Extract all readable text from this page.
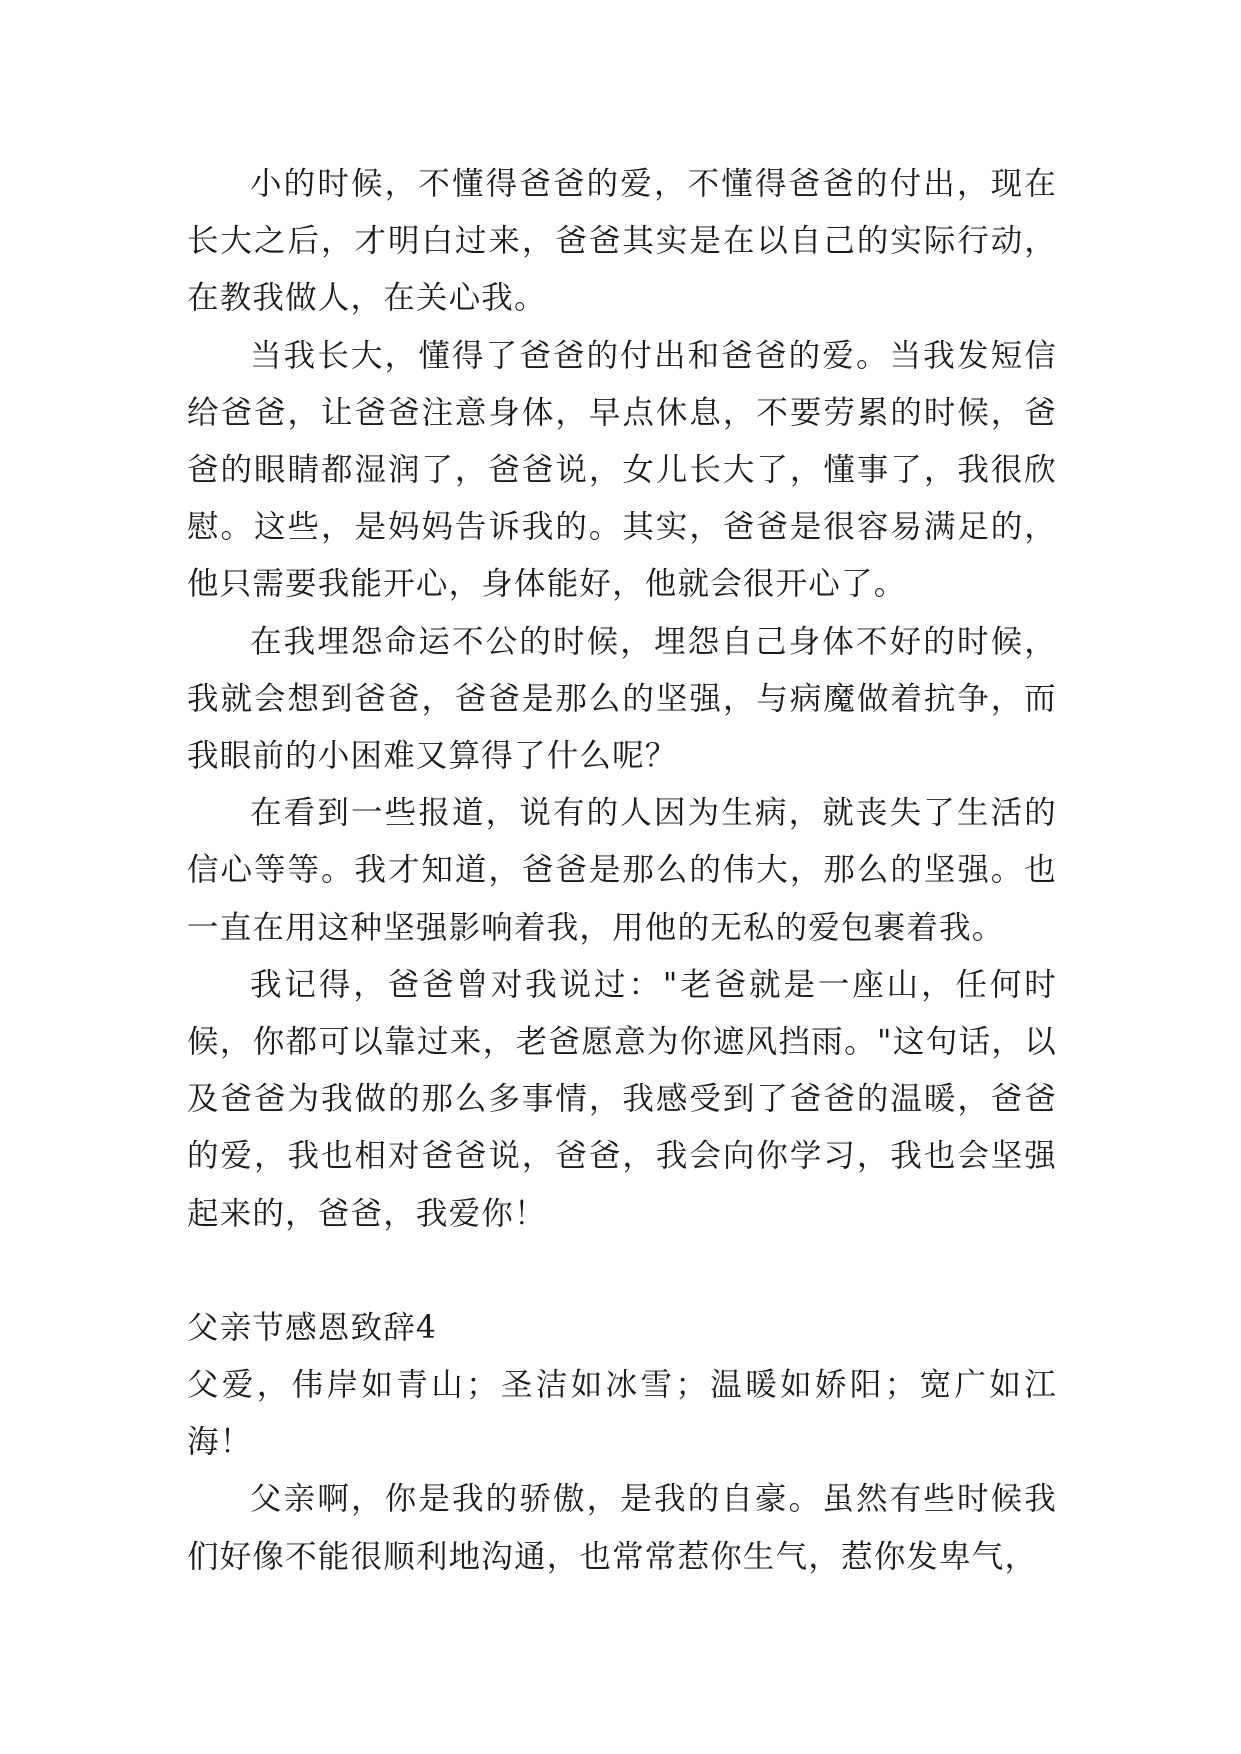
小的时候，不懂得爸爸的爱，不懂得爸爸的付出，现在长大之后，才明白过来，爸爸其实是在以自己的实际行动，在教我做人，在关心我。

当我长大，懂得了爸爸的付出和爸爸的爱。当我发短信给爸爸，让爸爸注意身体，早点休息，不要劳累的时候，爸爸的眼睛都湿润了，爸爸说，女儿长大了，懂事了，我很欣慰。这些，是妈妈告诉我的。其实，爸爸是很容易满足的，他只需要我能开心，身体能好，他就会很开心了。

在我埋怨命运不公的时候，埋怨自己身体不好的时候，我就会想到爸爸，爸爸是那么的坚强，与病魔做着抗争，而我眼前的小困难又算得了什么呢？

在看到一些报道，说有的人因为生病，就丧失了生活的信心等等。我才知道，爸爸是那么的伟大，那么的坚强。也一直在用这种坚强影响着我，用他的无私的爱包裹着我。

我记得，爸爸曾对我说过："老爸就是一座山，任何时候，你都可以靠过来，老爸愿意为你遮风挡雨。"这句话，以及爸爸为我做的那么多事情，我感受到了爸爸的温暖，爸爸的爱，我也相对爸爸说，爸爸，我会向你学习，我也会坚强起来的，爸爸，我爱你！

父亲节感恩致辞4

父爱，伟岸如青山；圣洁如冰雪；温暖如娇阳；宽广如江海！

父亲啊，你是我的骄傲，是我的自豪。虽然有些时候我们好像不能很顺利地沟通，也常常惹你生气，惹你发卑气，
